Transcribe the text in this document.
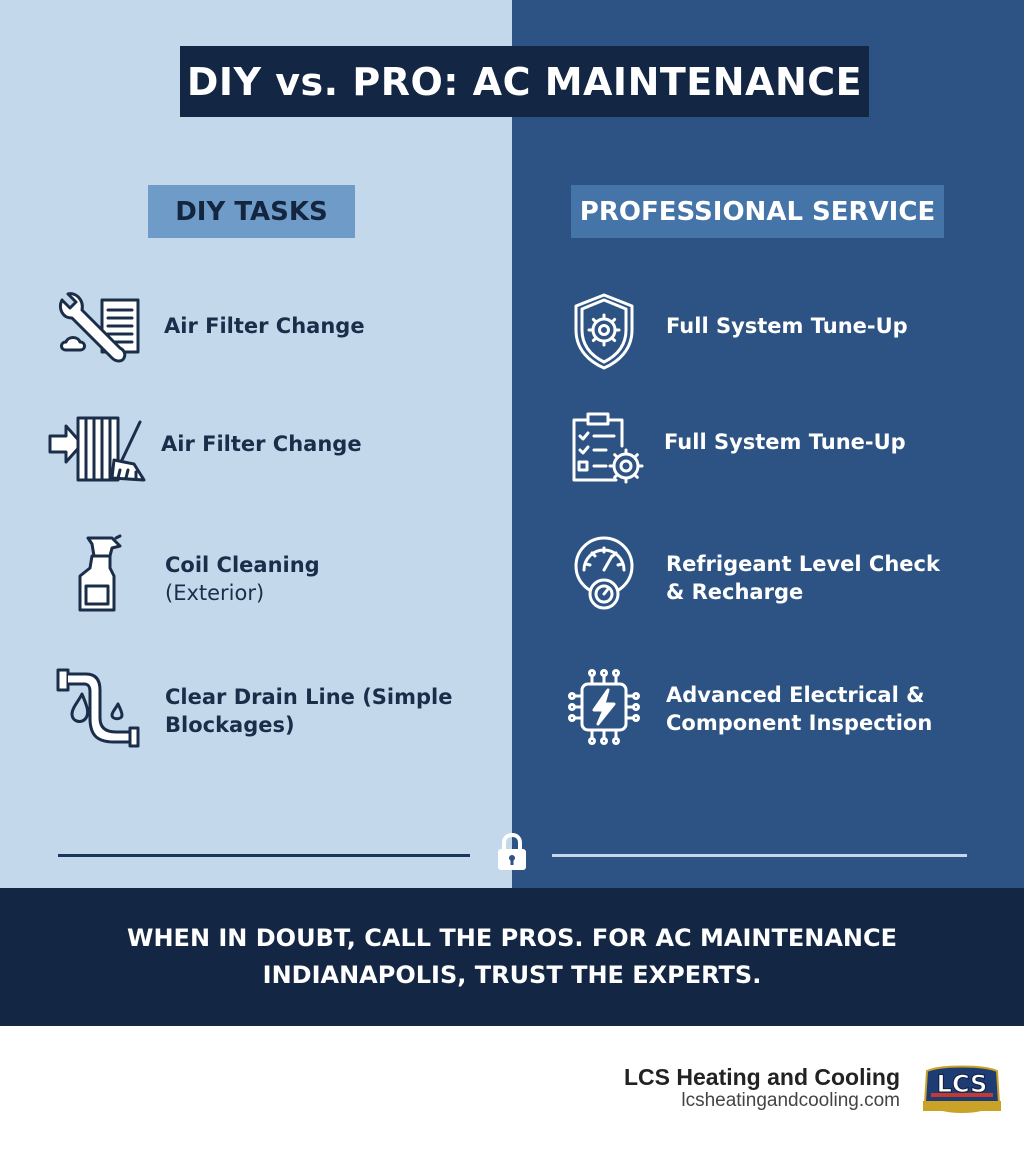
DIY vs. PRO: AC MAINTENANCE
DIY TASKS	PROFESSIONAL SERVICE
Air Filter Change
Air Filter Change
Coil Cleaning
(Exterior)
Clear Drain Line (Simple
Blockages)
Full System Tune-Up
Full System Tune-Up
Refrigeant Level Check
& Recharge
Advanced Electrical &
Component Inspection
WHEN IN DOUBT, CALL THE PROS. FOR AC MAINTENANCE
INDIANAPOLIS, TRUST THE EXPERTS.
LCS Heating and Cooling
lcsheatingandcooling.com
LCS
